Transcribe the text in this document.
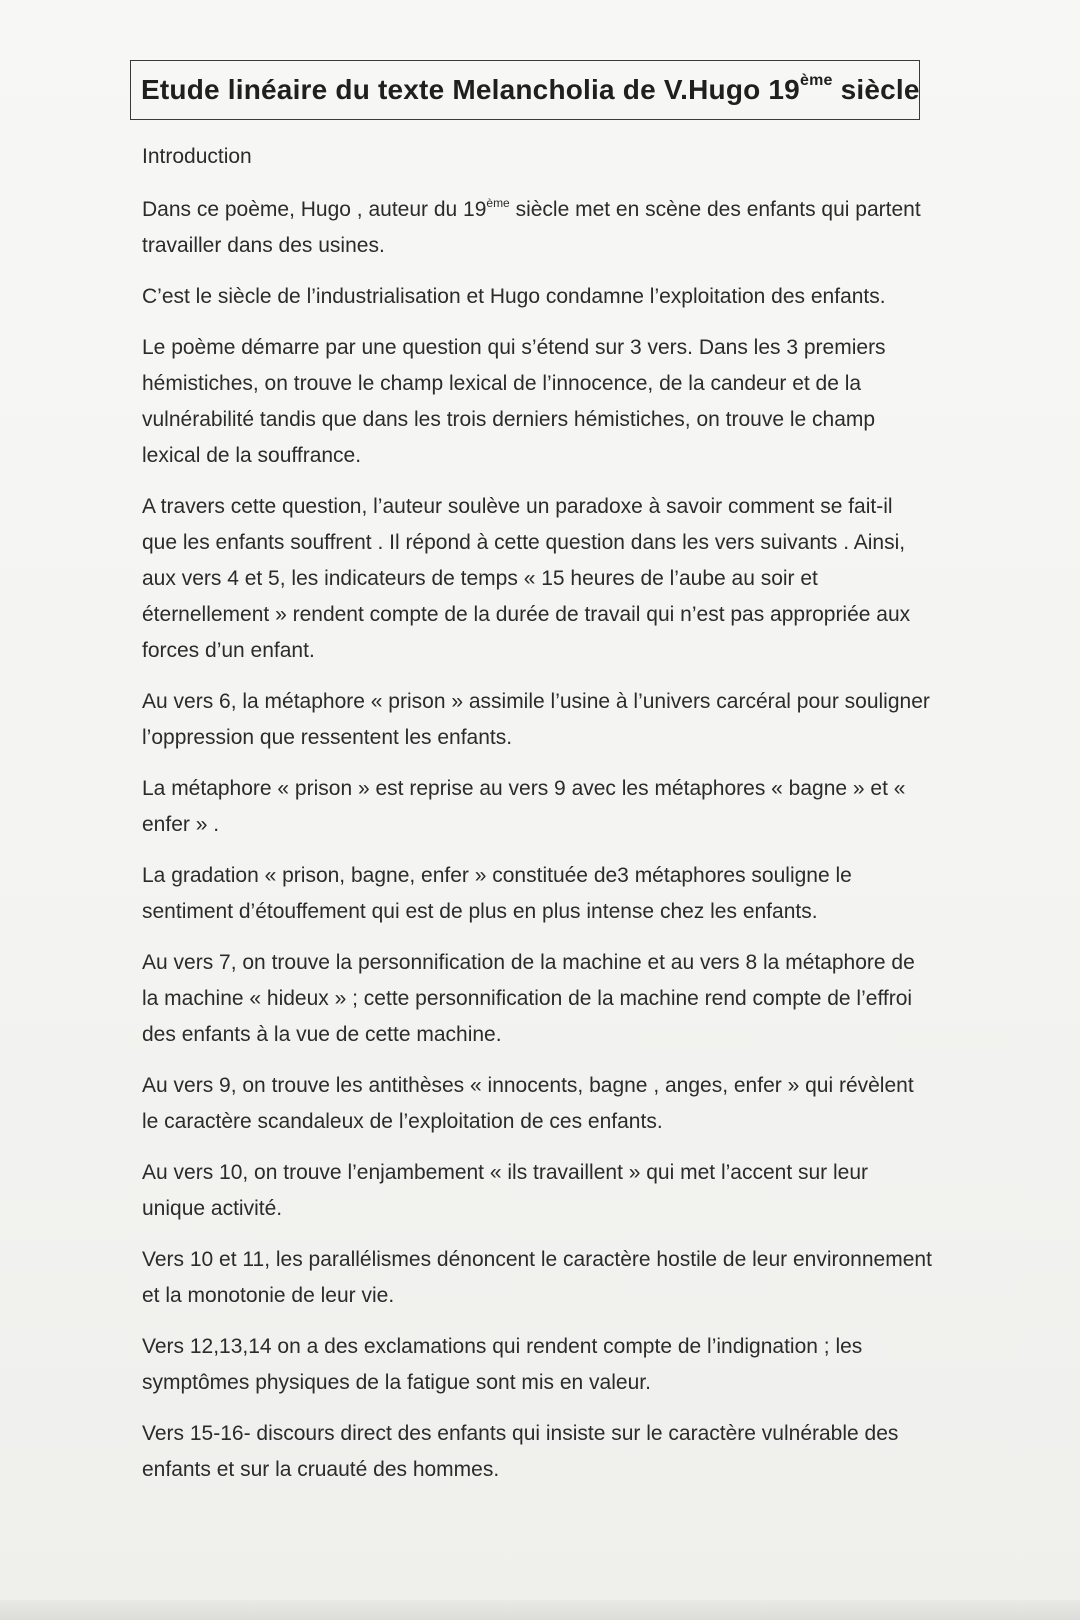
Etude linéaire du texte Melancholia de V.Hugo 19ème siècle

Introduction

Dans ce poème, Hugo , auteur du 19ème siècle met en scène des enfants qui partent travailler dans des usines.

C’est le siècle de l’industrialisation et Hugo condamne l’exploitation des enfants.

Le poème démarre par une question qui s’étend sur 3 vers. Dans les 3 premiers hémistiches, on trouve le champ lexical de l’innocence, de la candeur et de la vulnérabilité tandis que dans les trois derniers hémistiches, on trouve le champ lexical de la souffrance.

A travers cette question, l’auteur soulève un paradoxe à savoir comment se fait-il que les enfants souffrent . Il répond à cette question dans les vers suivants . Ainsi, aux vers 4 et 5, les indicateurs de temps « 15 heures de l’aube au soir et éternellement » rendent compte de la durée de travail qui n’est pas appropriée aux forces d’un enfant.

Au vers 6, la métaphore « prison » assimile l’usine à l’univers carcéral pour souligner l’oppression que ressentent les enfants.

La métaphore « prison » est reprise au vers 9 avec les métaphores « bagne » et « enfer » .

La gradation « prison, bagne, enfer » constituée de3 métaphores souligne le sentiment d’étouffement qui est de plus en plus intense chez les enfants.

Au vers 7, on trouve la personnification de la machine et au vers 8 la métaphore de la machine « hideux » ; cette personnification de la machine rend compte de l’effroi des enfants à la vue de cette machine.

Au vers 9, on trouve les antithèses « innocents, bagne , anges, enfer » qui révèlent le caractère scandaleux de l’exploitation de ces enfants.

Au vers 10, on trouve l’enjambement « ils travaillent » qui met l’accent sur leur unique activité.

Vers 10 et 11, les parallélismes dénoncent le caractère hostile de leur environnement et la monotonie de leur vie.

Vers 12,13,14 on a des exclamations qui rendent compte de l’indignation ; les symptômes physiques de la fatigue sont mis en valeur.

Vers 15-16- discours direct des enfants qui insiste sur le caractère vulnérable des enfants et sur la cruauté des hommes.
